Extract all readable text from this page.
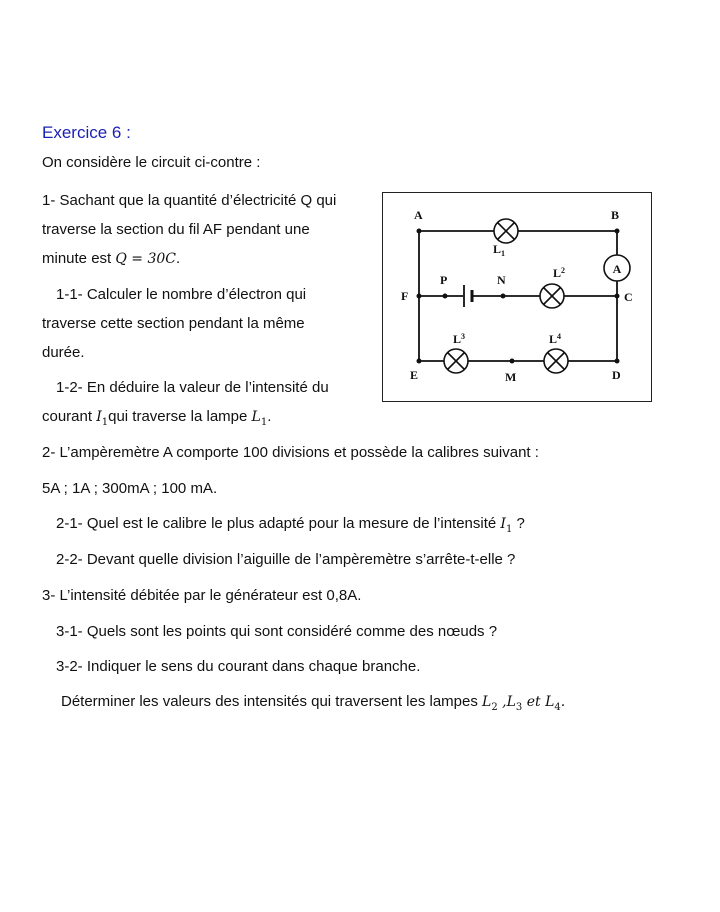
Exercice 6 :
On considère le circuit ci-contre :
1- Sachant que la quantité d’électricité Q qui
traverse la section du fil AF pendant une
minute est Q = 30C.
1-1- Calculer le nombre d’électron qui
traverse cette section pendant la même
durée.
1-2- En déduire la valeur de l’intensité du
courant $I_1qui$ traverse la lampe $L_1$.
2- L’ampèremètre A comporte 100 divisions et possède la calibres suivant :
5A ; 1A ; 300mA ; 100 mA.
2-1- Quel est le calibre le plus adapté pour la mesure de l’intensité $I_1$ ?
2-2- Devant quelle division l’aiguille de l’ampèremètre s’arrête-t-elle ?
3- L’intensité débitée par le générateur est 0,8A.
3-1- Quels sont les points qui sont considéré comme des nœuds ?
3-2- Indiquer le sens du courant dans chaque branche.
Déterminer les valeurs des intensités qui traversent les lampes $L_2$ $,L_3$ et $L_4$.
A
A	B
C
D
E
F
M
N
P
$L_1$
$L^2$
$L^3$	$L^4$
